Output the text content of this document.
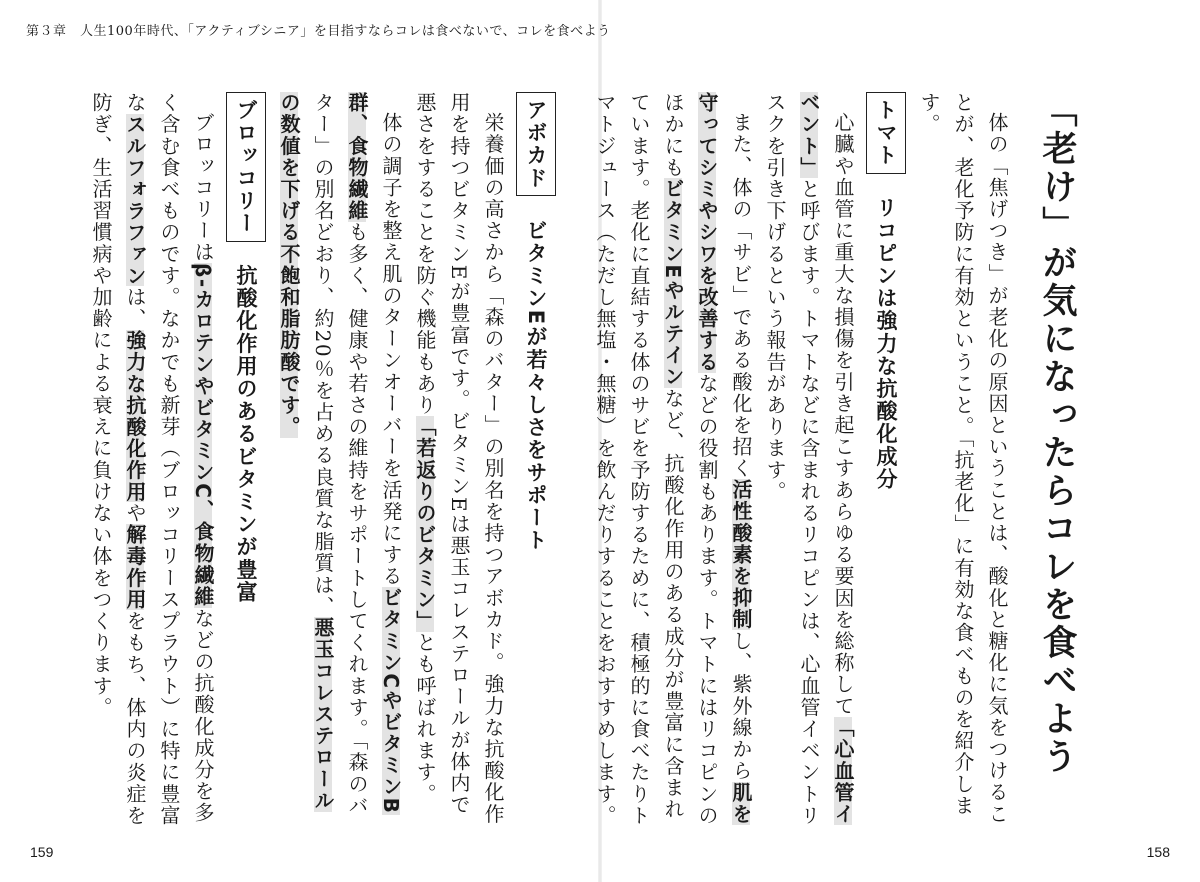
第３章　人生100年時代、「アクティブシニア」を目指すならコレは食べないで、コレを食べよう
159	158
「老け」が気になったらコレを食べよう

体の「焦げつき」が老化の原因ということは、酸化と糖化に気をつけることが、老化予防に有効ということ。「抗老化」に有効な食べものを紹介します。

トマト リコピンは強力な抗酸化成分

心臓や血管に重大な損傷を引き起こすあらゆる要因を総称して「心血管イベント」と呼びます。トマトなどに含まれるリコピンは、心血管イベントリスクを引き下げるという報告があります。

また、体の「サビ」である酸化を招く活性酸素を抑制し、紫外線から肌を守ってシミやシワを改善するなどの役割もあります。トマトにはリコピンのほかにもビタミンEやルテインなど、抗酸化作用のある成分が豊富に含まれています。老化に直結する体のサビを予防するために、積極的に食べたりトマトジュース（ただし無塩・無糖）を飲んだりすることをおすすめします。

アボカド ビタミンEが若々しさをサポート

栄養価の高さから「森のバター」の別名を持つアボカド。強力な抗酸化作用を持つビタミンEが豊富です。ビタミンEは悪玉コレステロールが体内で悪さをすることを防ぐ機能もあり「若返りのビタミン」とも呼ばれます。

体の調子を整え肌のターンオーバーを活発にするビタミンCやビタミンB群、食物繊維も多く、健康や若さの維持をサポートしてくれます。「森のバター」の別名どおり、約20％を占める良質な脂質は、悪玉コレステロールの数値を下げる不飽和脂肪酸です。

ブロッコリー 抗酸化作用のあるビタミンが豊富

ブロッコリーはβ-カロテンやビタミンC、食物繊維などの抗酸化成分を多く含む食べものです。なかでも新芽（ブロッコリースプラウト）に特に豊富なスルフォラファンは、強力な抗酸化作用や解毒作用をもち、体内の炎症を防ぎ、生活習慣病や加齢による衰えに負けない体をつくります。
